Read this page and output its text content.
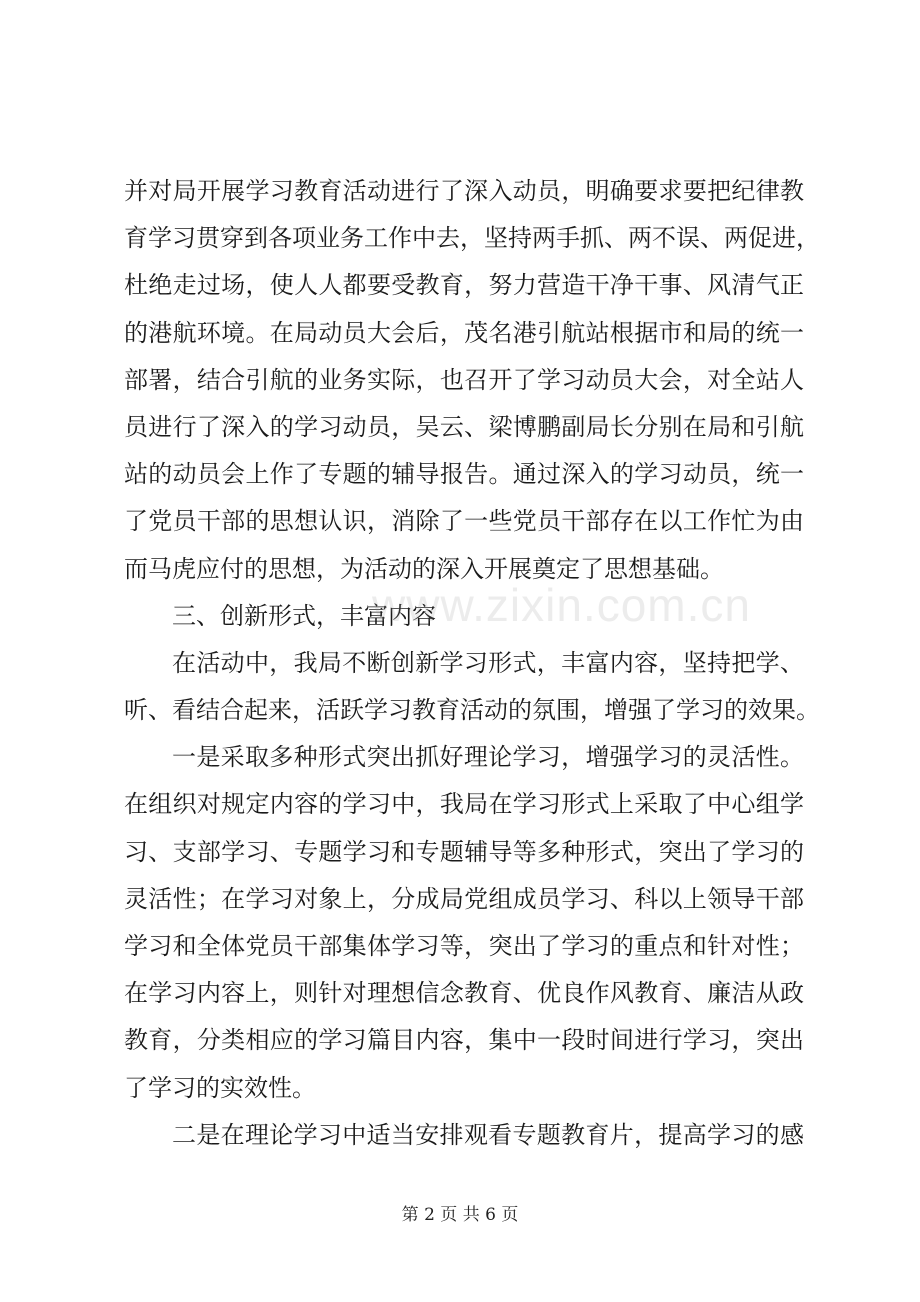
并对局开展学习教育活动进行了深入动员，明确要求要把纪律教
育学习贯穿到各项业务工作中去，坚持两手抓、两不误、两促进，
杜绝走过场，使人人都要受教育，努力营造干净干事、风清气正
的港航环境。在局动员大会后，茂名港引航站根据市和局的统一
部署，结合引航的业务实际，也召开了学习动员大会，对全站人
员进行了深入的学习动员，吴云、梁博鹏副局长分别在局和引航
站的动员会上作了专题的辅导报告。通过深入的学习动员，统一
了党员干部的思想认识，消除了一些党员干部存在以工作忙为由
而马虎应付的思想，为活动的深入开展奠定了思想基础。
三、创新形式，丰富内容
在活动中，我局不断创新学习形式，丰富内容，坚持把学、
听、看结合起来，活跃学习教育活动的氛围，增强了学习的效果。
一是采取多种形式突出抓好理论学习，增强学习的灵活性。
在组织对规定内容的学习中，我局在学习形式上采取了中心组学
习、支部学习、专题学习和专题辅导等多种形式，突出了学习的
灵活性；在学习对象上，分成局党组成员学习、科以上领导干部
学习和全体党员干部集体学习等，突出了学习的重点和针对性；
在学习内容上，则针对理想信念教育、优良作风教育、廉洁从政
教育，分类相应的学习篇目内容，集中一段时间进行学习，突出
了学习的实效性。
二是在理论学习中适当安排观看专题教育片，提高学习的感
www.zixin.com.cn
第 2 页 共 6 页
